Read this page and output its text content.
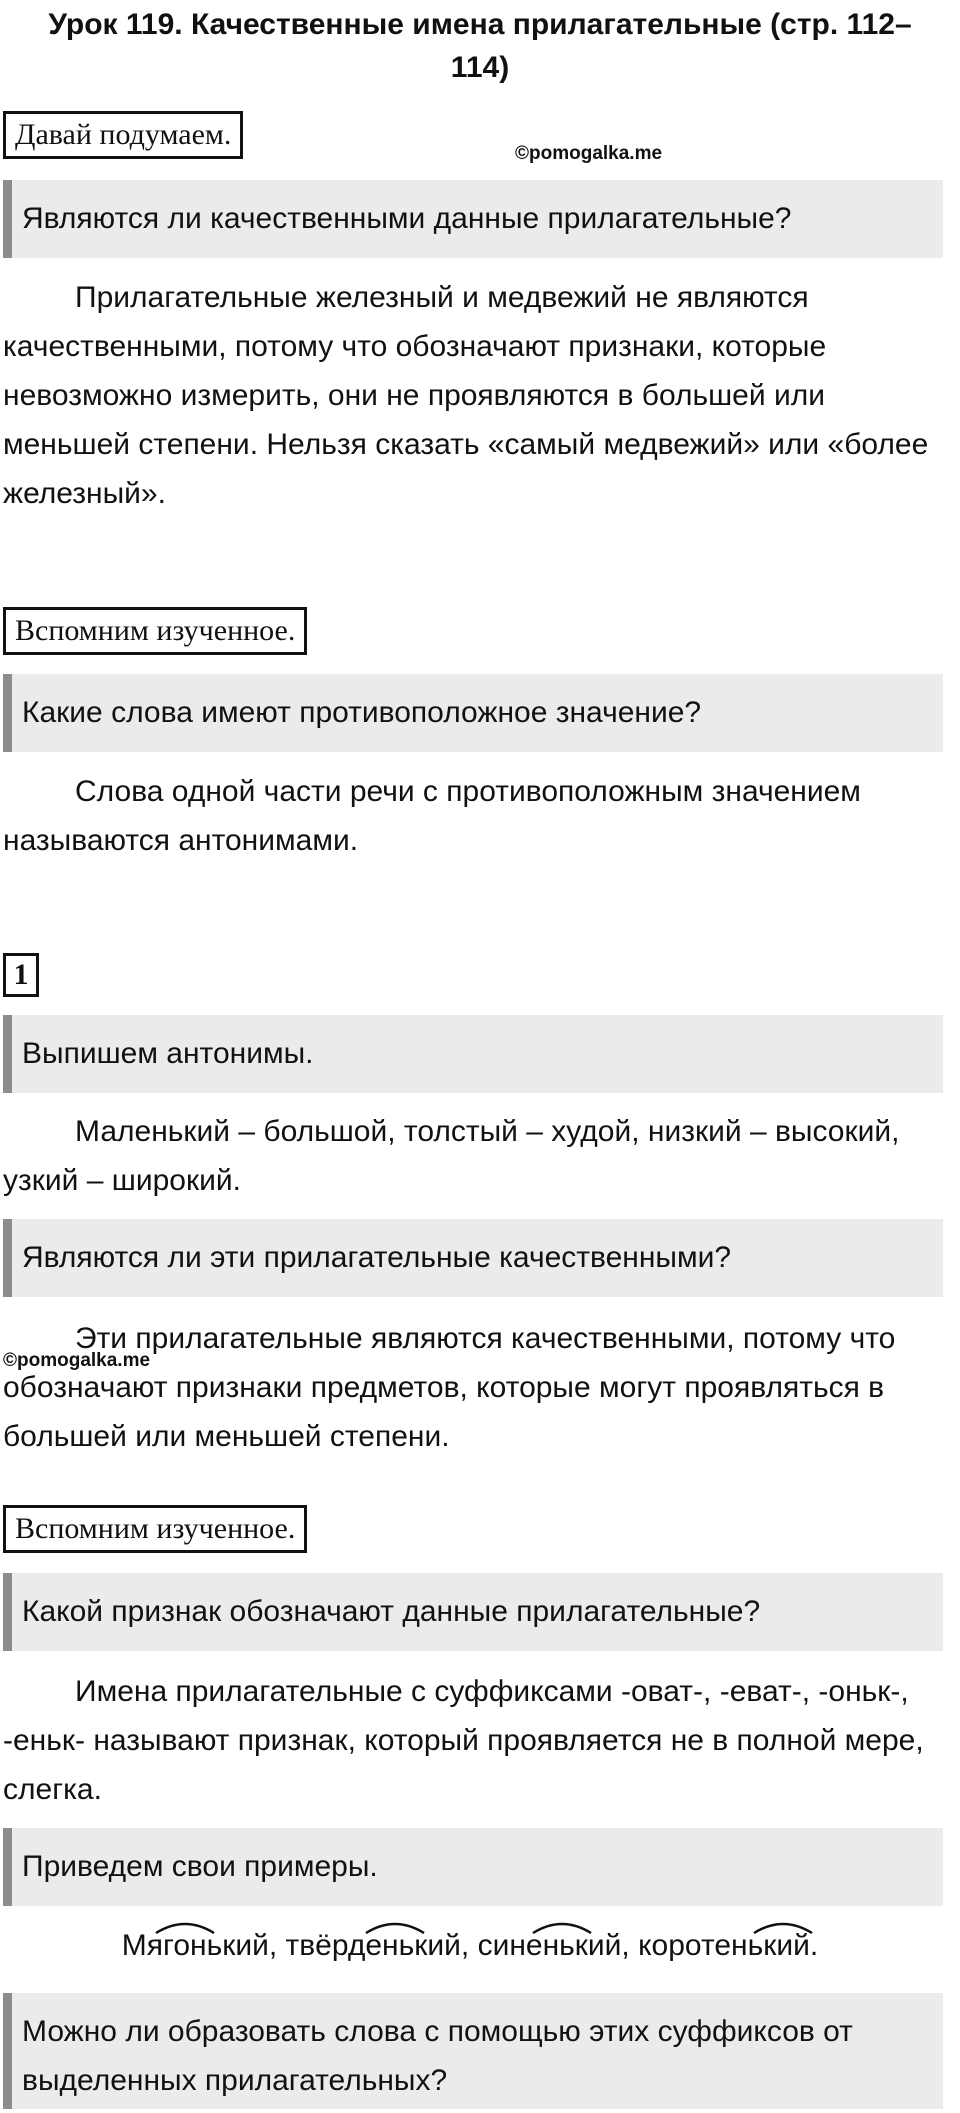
Урок 119. Качественные имена прилагательные (стр. 112–
114)
Давай подумаем.
©pomogalka.me
Являются ли качественными данные прилагательные?
Прилагательные железный и медвежий не являются качественными, потому что обозначают признаки, которые невозможно измерить, они не проявляются в большей или меньшей степени. Нельзя сказать «самый медвежий» или «более железный».
Вспомним изученное.
Какие слова имеют противоположное значение?
Слова одной части речи с противоположным значением называются антонимами.
1
Выпишем антонимы.
Маленький – большой, толстый – худой, низкий – высокий, узкий – широкий.
Являются ли эти прилагательные качественными?
Эти прилагательные являются качественными, потому что обозначают признаки предметов, которые могут проявляться в большей или меньшей степени.
©pomogalka.me
Вспомним изученное.
Какой признак обозначают данные прилагательные?
Имена прилагательные с суффиксами -оват-, -еват-, -оньк-, -еньк- называют признак, который проявляется не в полной мере, слегка.
Приведем свои примеры.
Мягонький, твёрденький, синенький, коротенький.
Можно ли образовать слова с помощью этих суффиксов от выделенных прилагательных?
